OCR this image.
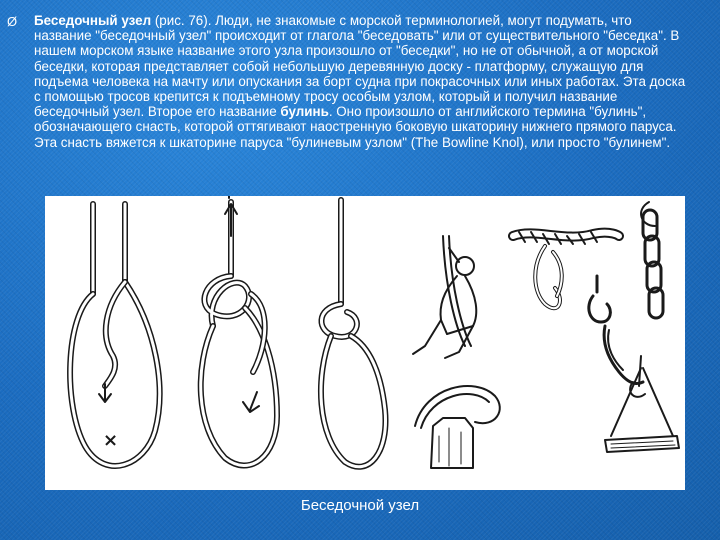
Ø Беседочный узел (рис. 76). Люди, не знакомые с морской терминологией, могут подумать, что название "беседочный узел" происходит от глагола "беседовать" или от существительного "беседка". В нашем морском языке название этого узла произошло от "беседки", но не от обычной, а от морской беседки, которая представляет собой небольшую деревянную доску - платформу, служащую для подъема человека на мачту или опускания за борт судна при покрасочных или иных работах. Эта доска с помощью тросов крепится к подъемному тросу особым узлом, который и получил название беседочный узел. Второе его название булинь. Оно произошло от английского термина "булинь", обозначающего снасть, которой оттягивают наостренную боковую шкаторину нижнего прямого паруса. Эта снасть вяжется к шкаторине паруса "булиневым узлом" (The Bowline Knol), или просто "булинем".

×
Беседочной узел
